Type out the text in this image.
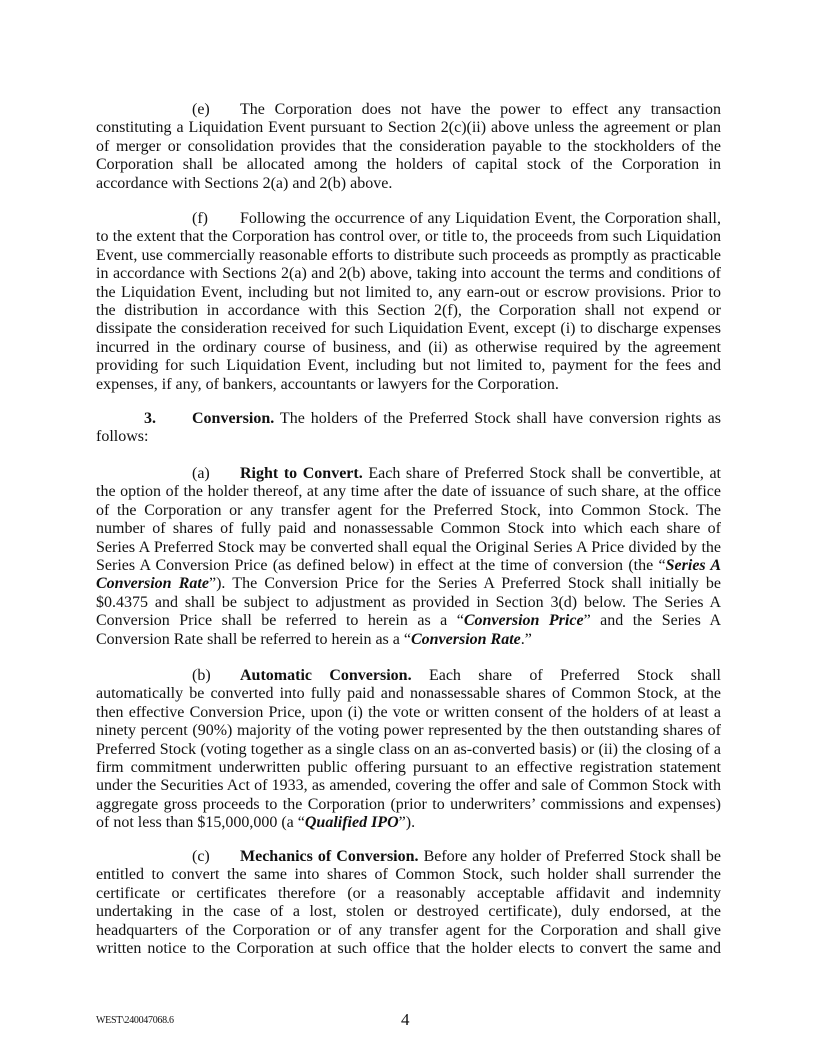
(e) The Corporation does not have the power to effect any transaction
constituting a Liquidation Event pursuant to Section 2(c)(ii) above unless the agreement or plan
of merger or consolidation provides that the consideration payable to the stockholders of the
Corporation shall be allocated among the holders of capital stock of the Corporation in
accordance with Sections 2(a) and 2(b) above.
(f) Following the occurrence of any Liquidation Event, the Corporation shall,
to the extent that the Corporation has control over, or title to, the proceeds from such Liquidation
Event, use commercially reasonable efforts to distribute such proceeds as promptly as practicable
in accordance with Sections 2(a) and 2(b) above, taking into account the terms and conditions of
the Liquidation Event, including but not limited to, any earn-out or escrow provisions. Prior to
the distribution in accordance with this Section 2(f), the Corporation shall not expend or
dissipate the consideration received for such Liquidation Event, except (i) to discharge expenses
incurred in the ordinary course of business, and (ii) as otherwise required by the agreement
providing for such Liquidation Event, including but not limited to, payment for the fees and
expenses, if any, of bankers, accountants or lawyers for the Corporation.
3. Conversion. The holders of the Preferred Stock shall have conversion rights as
follows:
(a) Right to Convert. Each share of Preferred Stock shall be convertible, at
the option of the holder thereof, at any time after the date of issuance of such share, at the office
of the Corporation or any transfer agent for the Preferred Stock, into Common Stock. The
number of shares of fully paid and nonassessable Common Stock into which each share of
Series A Preferred Stock may be converted shall equal the Original Series A Price divided by the
Series A Conversion Price (as defined below) in effect at the time of conversion (the “Series A
Conversion Rate”). The Conversion Price for the Series A Preferred Stock shall initially be
$0.4375 and shall be subject to adjustment as provided in Section 3(d) below. The Series A
Conversion Price shall be referred to herein as a “Conversion Price” and the Series A
Conversion Rate shall be referred to herein as a “Conversion Rate.”
(b) Automatic Conversion. Each share of Preferred Stock shall
automatically be converted into fully paid and nonassessable shares of Common Stock, at the
then effective Conversion Price, upon (i) the vote or written consent of the holders of at least a
ninety percent (90%) majority of the voting power represented by the then outstanding shares of
Preferred Stock (voting together as a single class on an as-converted basis) or (ii) the closing of a
firm commitment underwritten public offering pursuant to an effective registration statement
under the Securities Act of 1933, as amended, covering the offer and sale of Common Stock with
aggregate gross proceeds to the Corporation (prior to underwriters’ commissions and expenses)
of not less than $15,000,000 (a “Qualified IPO”).
(c) Mechanics of Conversion. Before any holder of Preferred Stock shall be
entitled to convert the same into shares of Common Stock, such holder shall surrender the
certificate or certificates therefore (or a reasonably acceptable affidavit and indemnity
undertaking in the case of a lost, stolen or destroyed certificate), duly endorsed, at the
headquarters of the Corporation or of any transfer agent for the Corporation and shall give
written notice to the Corporation at such office that the holder elects to convert the same and
WEST\240047068.6	4
